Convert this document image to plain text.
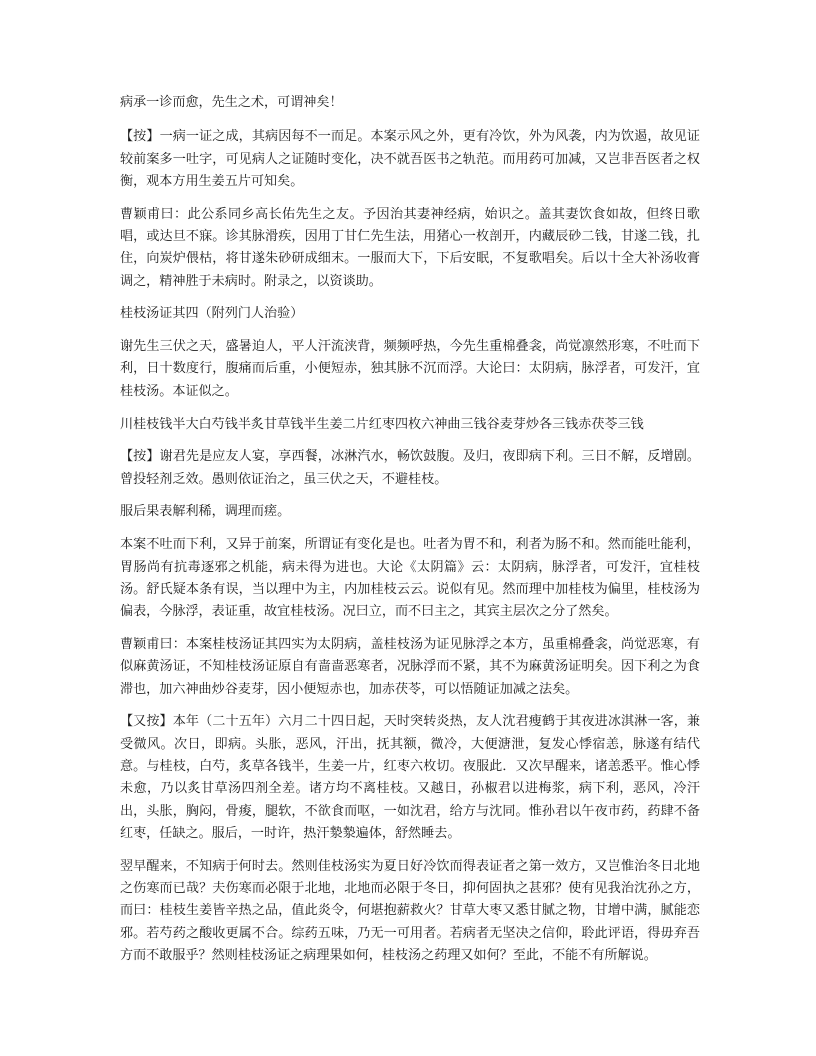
病承一诊而愈，先生之术，可谓神矣！

【按】一病一证之成，其病因每不一而足。本案示风之外，更有冷饮，外为风袭，内为饮遏，故见证较前案多一吐字，可见病人之证随时变化，决不就吾医书之轨范。而用药可加减，又岂非吾医者之权衡，观本方用生姜五片可知矣。

曹颖甫曰：此公系同乡高长佑先生之友。予因治其妻神经病，始识之。盖其妻饮食如故，但终日歌唱，或达旦不寐。诊其脉滑疾，因用丁甘仁先生法，用猪心一枚剖开，内藏辰砂二钱，甘遂二钱，扎住，向炭炉偎枯，将甘遂朱砂研成细末。一服而大下，下后安眠，不复歌唱矣。后以十全大补汤收膏调之，精神胜于未病时。附录之，以资谈助。

桂枝汤证其四（附列门人治验）

谢先生三伏之天，盛暑迫人，平人汗流浃背，频频呼热，今先生重棉叠衾，尚觉凛然形寒，不吐而下利，日十数度行，腹痛而后重，小便短赤，独其脉不沉而浮。大论曰：太阴病，脉浮者，可发汗，宜桂枝汤。本证似之。

川桂枝钱半大白芍钱半炙甘草钱半生姜二片红枣四枚六神曲三钱谷麦芽炒各三钱赤茯苓三钱

【按】谢君先是应友人宴，享西餐，冰淋汽水，畅饮鼓腹。及归，夜即病下利。三日不解，反增剧。曾投轻剂乏效。愚则依证治之，虽三伏之天，不避桂枝。

服后果表解利稀，调理而瘥。

本案不吐而下利，又异于前案，所谓证有变化是也。吐者为胃不和，利者为肠不和。然而能吐能利，胃肠尚有抗毒逐邪之机能，病未得为进也。大论《太阴篇》云：太阴病，脉浮者，可发汗，宜桂枝汤。舒氏疑本条有误，当以理中为主，内加桂枝云云。说似有见。然而理中加桂枝为偏里，桂枝汤为偏表，今脉浮，表证重，故宜桂枝汤。况曰立，而不曰主之，其宾主层次之分了然矣。

曹颖甫曰：本案桂枝汤证其四实为太阴病，盖桂枝汤为证见脉浮之本方，虽重棉叠衾，尚觉恶寒，有似麻黄汤证，不知桂枝汤证原自有啬啬恶寒者，况脉浮而不紧，其不为麻黄汤证明矣。因下利之为食滞也，加六神曲炒谷麦芽，因小便短赤也，加赤茯苓，可以悟随证加减之法矣。

【又按】本年（二十五年）六月二十四日起，天时突转炎热，友人沈君瘦鹤于其夜进冰淇淋一客，兼受微风。次日，即病。头胀，恶风，汗出，抚其额，微冷，大便溏泄，复发心悸宿恙，脉遂有结代意。与桂枝，白芍，炙草各钱半，生姜一片，红枣六枚切。夜服此．又次早醒来，诸恙悉平。惟心悸未愈，乃以炙甘草汤四剂全差。诸方均不离桂枝。又越日，孙椒君以进梅浆，病下利，恶风，冷汗出，头胀，胸闷，骨痠，腿软，不欲食而呕，一如沈君，给方与沈同。惟孙君以午夜市药，药肆不备红枣，任缺之。服后，一时许，热汗漐漐遍体，舒然睡去。

翌早醒来，不知病于何时去。然则佳枝汤实为夏日好冷饮而得表证者之第一效方，又岂惟治冬日北地之伤寒而已哉？夫伤寒而必限于北地，北地而必限于冬日，抑何固执之甚邪？使有见我治沈孙之方，而曰：桂枝生姜皆辛热之品，值此炎令，何堪抱薪救火？甘草大枣又悉甘腻之物，甘增中满，腻能恋邪。若芍药之酸收更属不合。综药五味，乃无一可用者。若病者无坚决之信仰，聆此评语，得毋弃吾方而不敢服乎？然则桂枝汤证之病理果如何，桂枝汤之药理又如何？至此，不能不有所解说。
